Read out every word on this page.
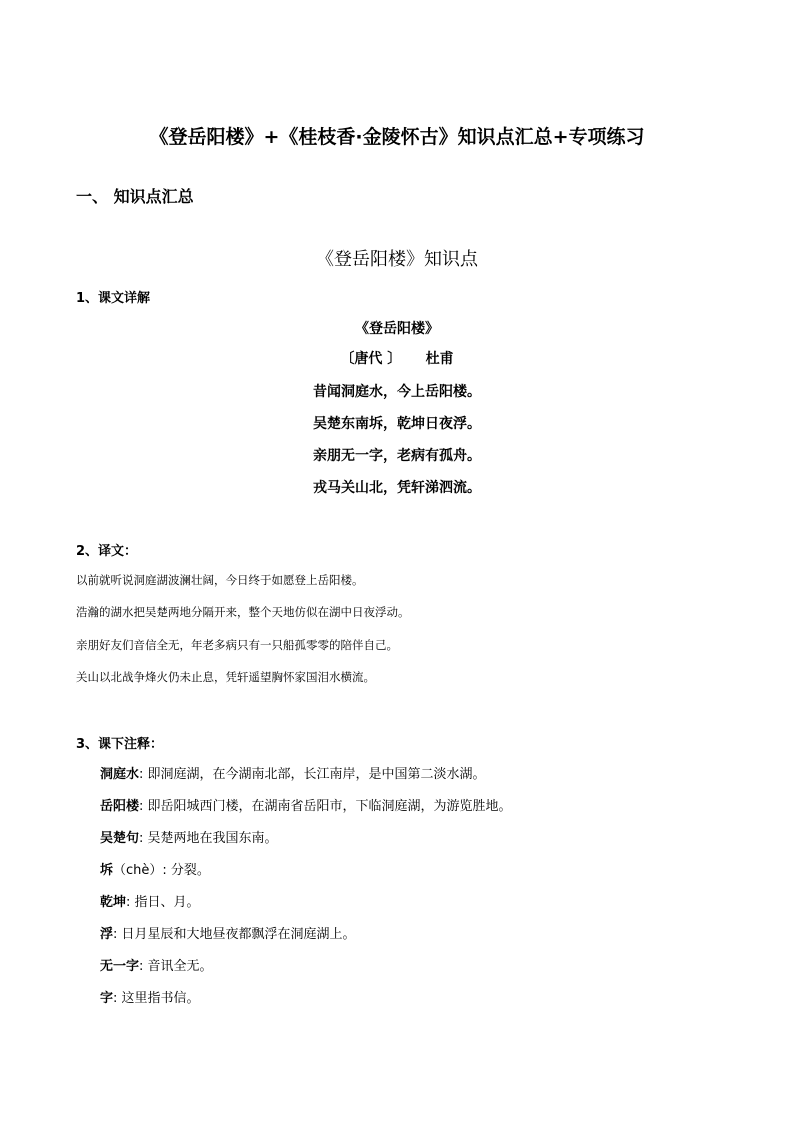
《登岳阳楼》+《桂枝香·金陵怀古》知识点汇总+专项练习
一、 知识点汇总
《登岳阳楼》知识点
1、课文详解
《登岳阳楼》
〔唐代 〕 杜甫
昔闻洞庭水，今上岳阳楼。
吴楚东南坼，乾坤日夜浮。
亲朋无一字，老病有孤舟。
戎马关山北，凭轩涕泗流。
2、译文：
以前就听说洞庭湖波澜壮阔，今日终于如愿登上岳阳楼。
浩瀚的湖水把吴楚两地分隔开来，整个天地仿似在湖中日夜浮动。
亲朋好友们音信全无，年老多病只有一只船孤零零的陪伴自己。
关山以北战争烽火仍未止息，凭轩遥望胸怀家国泪水横流。
3、课下注释：
洞庭水: 即洞庭湖，在今湖南北部，长江南岸，是中国第二淡水湖。
岳阳楼: 即岳阳城西门楼，在湖南省岳阳市，下临洞庭湖，为游览胜地。
吴楚句: 吴楚两地在我国东南。
坼（chè）: 分裂。
乾坤: 指日、月。
浮: 日月星辰和大地昼夜都飘浮在洞庭湖上。
无一字: 音讯全无。
字: 这里指书信。
